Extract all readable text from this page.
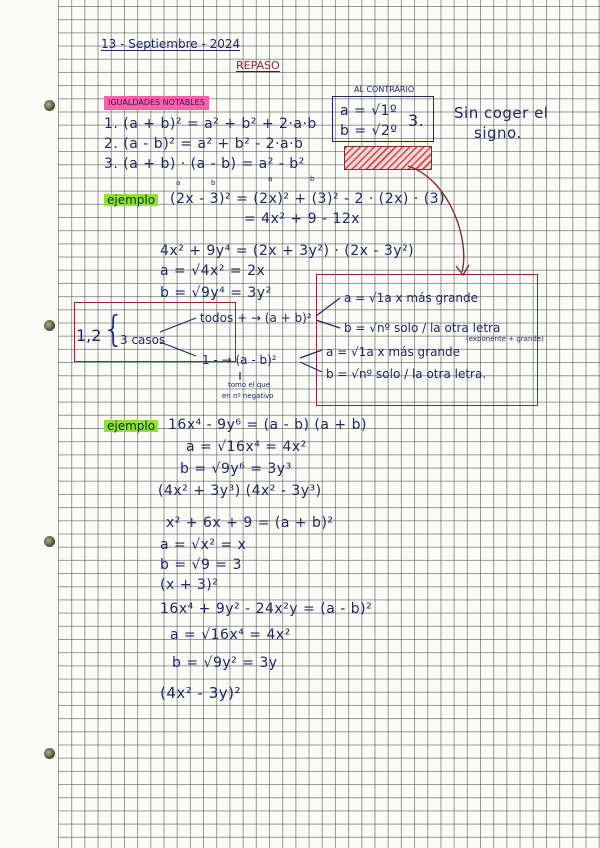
13 - Septiembre - 2024
REPASO
IGUALDADES NOTABLES
1. (a + b)² = a² + b² + 2·a·b
2. (a - b)² = a² + b² - 2·a·b
3. (a + b) · (a - b) = a² - b²
AL CONTRARIO
a = √1º
b = √2º
3. Sin coger el
signo.
a	b	a	b
ejemplo (2x - 3)² = (2x)² + (3)² - 2 · (2x) · (3)
= 4x² + 9 - 12x
4x² + 9y⁴ = (2x + 3y²) · (2x - 3y²)
a = √4x² = 2x
b = √9y⁴ = 3y²
1,2 {
3 casos
todos + → (a + b)²
1 - → (a - b)²
tomo el que
en nº negativo
a = √1a x más grande
b = √nº solo / la otra letra
(exponente + grande)
a = √1a x más grande
b = √nº solo / la otra letra.
ejemplo 16x⁴ - 9y⁶ = (a - b) (a + b)
a = √16x⁴ = 4x²
b = √9y⁶ = 3y³
(4x² + 3y³) (4x² - 3y³)
x² + 6x + 9 = (a + b)²
a = √x² = x
b = √9 = 3
(x + 3)²
16x⁴ + 9y² - 24x²y = (a - b)²
a = √16x⁴ = 4x²
b = √9y² = 3y
(4x² - 3y)²
